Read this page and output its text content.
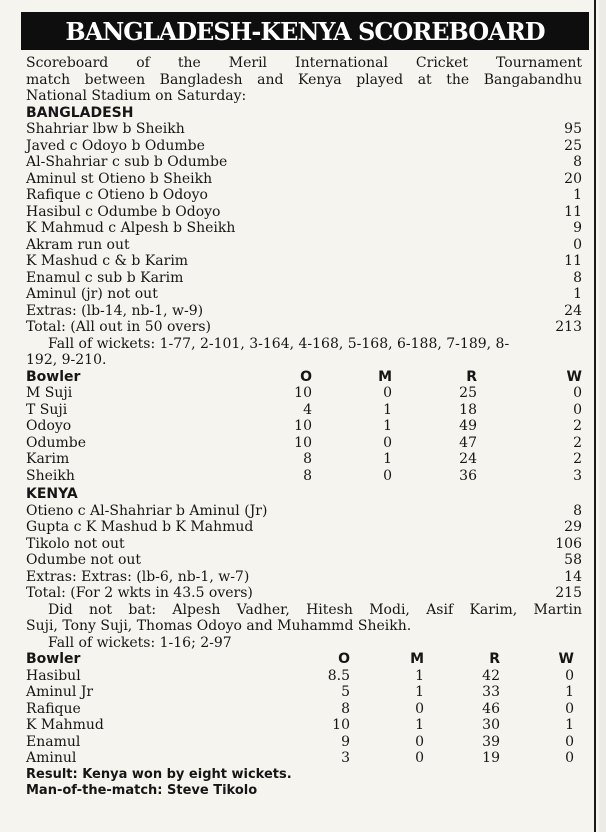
BANGLADESH-KENYA SCOREBOARD
Scoreboard of the Meril International Cricket Tournament
match between Bangladesh and Kenya played at the Bangabandhu
National Stadium on Saturday:
BANGLADESH
Shahriar lbw b Sheikh	95
Javed c Odoyo b Odumbe	25
Al-Shahriar c sub b Odumbe	8
Aminul st Otieno b Sheikh	20
Rafique c Otieno b Odoyo	1
Hasibul c Odumbe b Odoyo	11
K Mahmud c Alpesh b Sheikh	9
Akram run out	0
K Mashud c & b Karim	11
Enamul c sub b Karim	8
Aminul (jr) not out	1
Extras: (lb-14, nb-1, w-9)	24
Total: (All out in 50 overs)	213
Fall of wickets: 1-77, 2-101, 3-164, 4-168, 5-168, 6-188, 7-189, 8-
192, 9-210.
Bowler	O	M	R	W
M Suji	10	0	25	0
T Suji	4	1	18	0
Odoyo	10	1	49	2
Odumbe	10	0	47	2
Karim	8	1	24	2
Sheikh	8	0	36	3
KENYA
Otieno c Al-Shahriar b Aminul (Jr)	8
Gupta c K Mashud b K Mahmud	29
Tikolo not out	106
Odumbe not out	58
Extras: Extras: (lb-6, nb-1, w-7)	14
Total: (For 2 wkts in 43.5 overs)	215
Did not bat: Alpesh Vadher, Hitesh Modi, Asif Karim, Martin
Suji, Tony Suji, Thomas Odoyo and Muhammd Sheikh.
Fall of wickets: 1-16; 2-97
Bowler	O	M	R	W
Hasibul	8.5	1	42	0
Aminul Jr	5	1	33	1
Rafique	8	0	46	0
K Mahmud	10	1	30	1
Enamul	9	0	39	0
Aminul	3	0	19	0
Result: Kenya won by eight wickets.
Man-of-the-match: Steve Tikolo
